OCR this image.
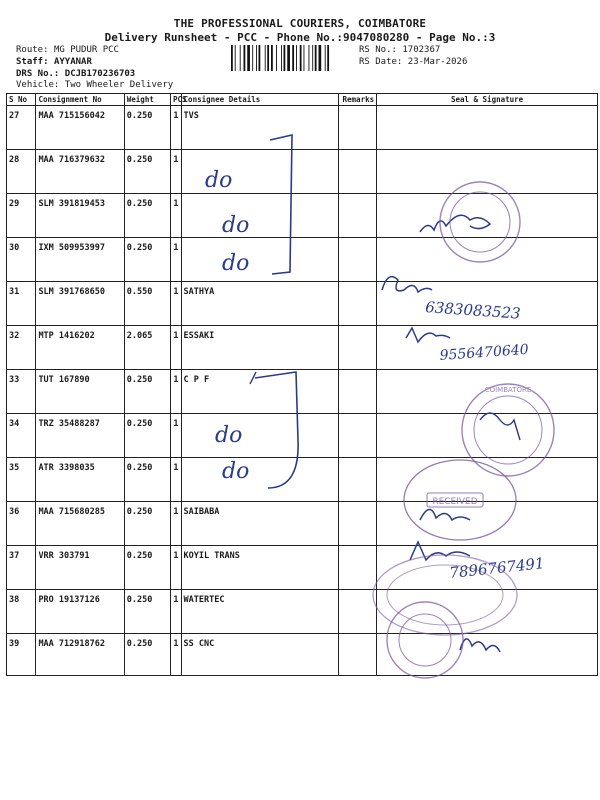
THE PROFESSIONAL COURIERS, COIMBATORE
Delivery Runsheet - PCC - Phone No.:9047080280 - Page No.:3
Route: MG PUDUR PCC
Staff: AYYANAR
DRS No.: DCJB170236703
Vehicle: Two Wheeler Delivery
RS No.: 1702367
RS Date: 23-Mar-2026
S No	Consignment No	Weight	PCS	Consignee Details	Remarks	Seal & Signature
27	MAA 715156042	0.250	1	TVS		
28	MAA 716379632	0.250	1			
29	SLM 391819453	0.250	1			
30	IXM 509953997	0.250	1			
31	SLM 391768650	0.550	1	SATHYA		
32	MTP 1416202	2.065	1	ESSAKI		
33	TUT 167890	0.250	1	C P F		
34	TRZ 35488287	0.250	1			
35	ATR 3398035	0.250	1			
36	MAA 715680285	0.250	1	SAIBABA		
37	VRR 303791	0.250	1	KOYIL TRANS		
38	PRO 19137126	0.250	1	WATERTEC		
39	MAA 712918762	0.250	1	SS CNC		
do
do
do
do
do
6383083523
9556470640
7896767491
COIMBATORE
RECEIVED
